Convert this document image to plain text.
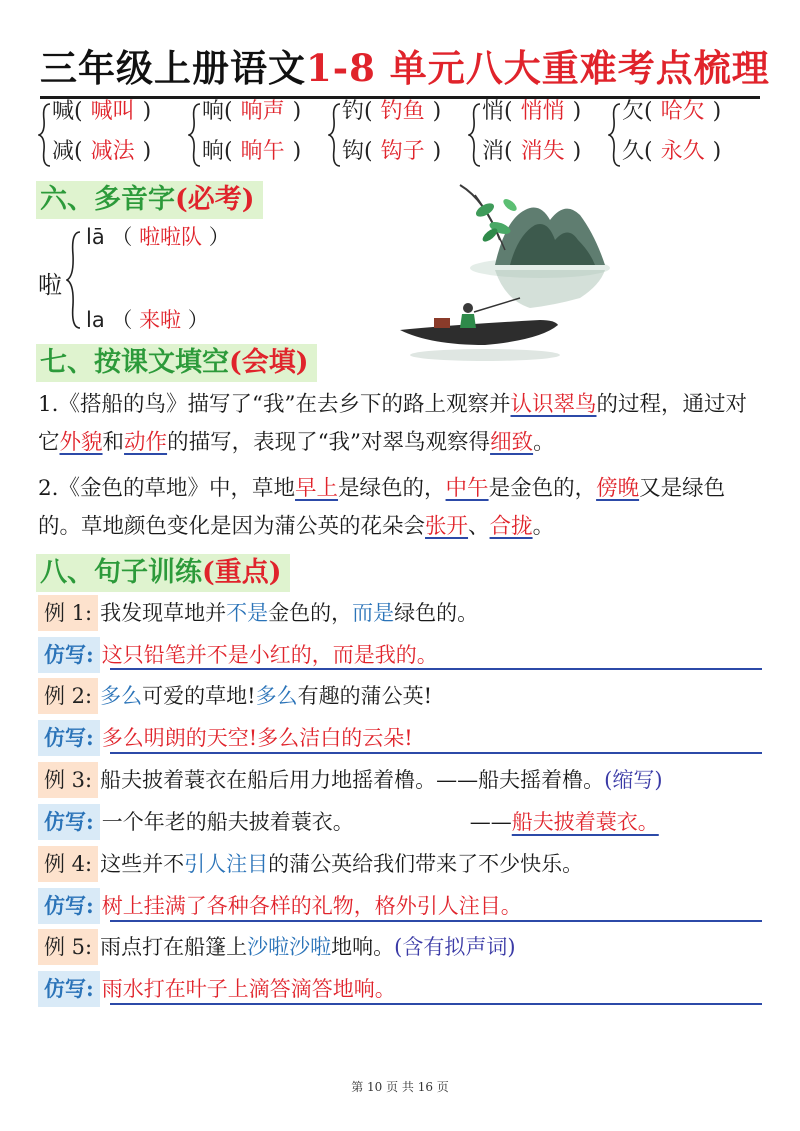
三年级上册语文1-8 单元八大重难考点梳理
喊( 喊叫 )
减( 减法 )
响( 响声 )
晌( 晌午 )
钓( 钓鱼 )
钩( 钩子 )
悄( 悄悄 )
消( 消失 )
欠( 哈欠 )
久( 永久 )
六、多音字(必考)
啦
lā （ 啦啦队 ）
la （ 来啦 ）
七、按课文填空(会填)
1.《搭船的鸟》描写了“我”在去乡下的路上观察并认识翠鸟的过程，通过对它外貌和动作的描写，表现了“我”对翠鸟观察得细致。
2.《金色的草地》中，草地早上是绿色的，中午是金色的，傍晚又是绿色的。草地颜色变化是因为蒲公英的花朵会张开、合拢。
八、句子训练(重点)
例 1: 我发现草地并不是金色的，而是绿色的。
仿写: 这只铅笔并不是小红的，而是我的。
例 2: 多么可爱的草地!多么有趣的蒲公英!
仿写: 多么明朗的天空!多么洁白的云朵!
例 3: 船夫披着蓑衣在船后用力地摇着橹。——船夫摇着橹。(缩写)
仿写: 一个年老的船夫披着蓑衣。	——船夫披着蓑衣。
例 4: 这些并不引人注目的蒲公英给我们带来了不少快乐。
仿写: 树上挂满了各种各样的礼物，格外引人注目。
例 5: 雨点打在船篷上沙啦沙啦地响。(含有拟声词)
仿写: 雨水打在叶子上滴答滴答地响。
第 10 页 共 16 页
